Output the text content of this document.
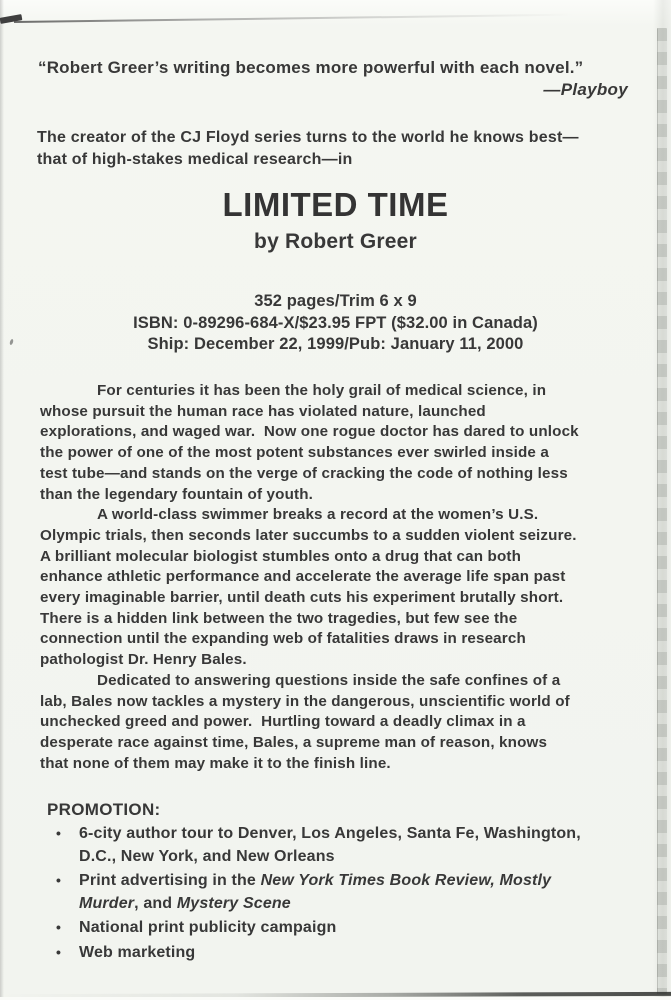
“Robert Greer’s writing becomes more powerful with each novel.”
—Playboy
The creator of the CJ Floyd series turns to the world he knows best—
that of high-stakes medical research—in
LIMITED TIME
by Robert Greer
352 pages/Trim 6 x 9
ISBN: 0-89296-684-X/$23.95 FPT ($32.00 in Canada)
Ship: December 22, 1999/Pub: January 11, 2000

For centuries it has been the holy grail of medical science, in
whose pursuit the human race has violated nature, launched
explorations, and waged war.  Now one rogue doctor has dared to unlock
the power of one of the most potent substances ever swirled inside a
test tube—and stands on the verge of cracking the code of nothing less
than the legendary fountain of youth.

A world-class swimmer breaks a record at the women’s U.S.
Olympic trials, then seconds later succumbs to a sudden violent seizure.
A brilliant molecular biologist stumbles onto a drug that can both
enhance athletic performance and accelerate the average life span past
every imaginable barrier, until death cuts his experiment brutally short.
There is a hidden link between the two tragedies, but few see the
connection until the expanding web of fatalities draws in research
pathologist Dr. Henry Bales.

Dedicated to answering questions inside the safe confines of a
lab, Bales now tackles a mystery in the dangerous, unscientific world of
unchecked greed and power.  Hurtling toward a deadly climax in a
desperate race against time, Bales, a supreme man of reason, knows
that none of them may make it to the finish line.

PROMOTION:
• 6-city author tour to Denver, Los Angeles, Santa Fe, Washington, D.C., New York, and New Orleans
• Print advertising in the New York Times Book Review, Mostly Murder, and Mystery Scene
• National print publicity campaign
• Web marketing
